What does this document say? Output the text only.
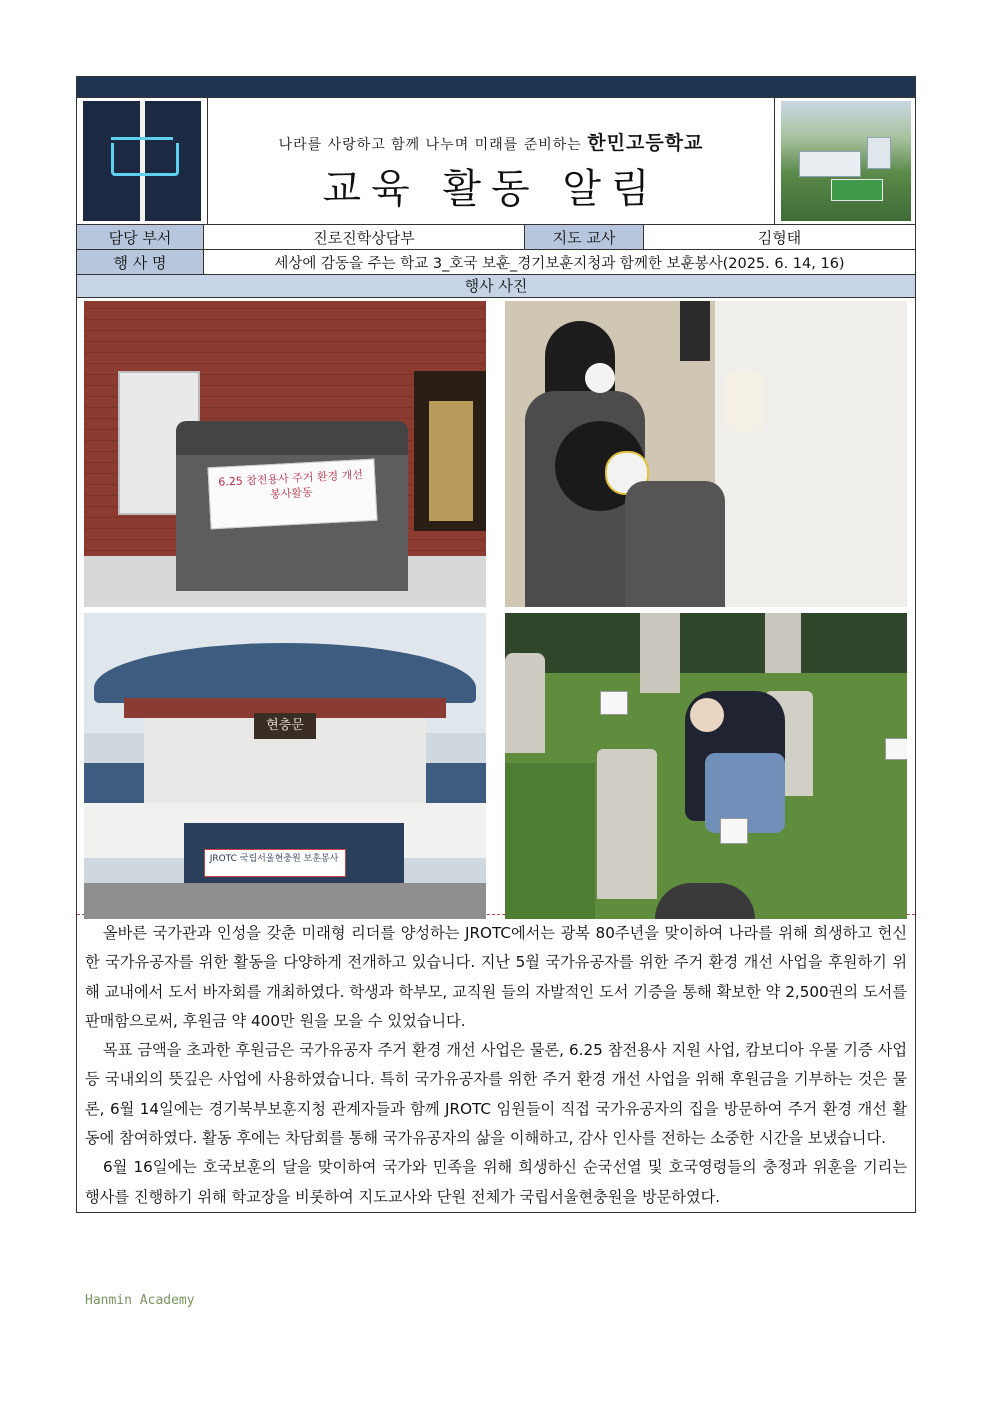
나라를 사랑하고 함께 나누며 미래를 준비하는 한민고등학교
교육 활동 알림
담당 부서	진로진학상담부	지도 교사	김형태
행 사 명	세상에 감동을 주는 학교 3_호국 보훈_경기보훈지청과 함께한 보훈봉사(2025. 6. 14, 16)
행사 사진
6.25 참전용사 주거 환경 개선 봉사활동
현충문
JROTC 국립서울현충원 보훈봉사

올바른 국가관과 인성을 갖춘 미래형 리더를 양성하는 JROTC에서는 광복 80주년을 맞이하여 나라를 위해 희생하고 헌신한 국가유공자를 위한 활동을 다양하게 전개하고 있습니다. 지난 5월 국가유공자를 위한 주거 환경 개선 사업을 후원하기 위해 교내에서 도서 바자회를 개최하였다. 학생과 학부모, 교직원 들의 자발적인 도서 기증을 통해 확보한 약 2,500권의 도서를 판매함으로써, 후원금 약 400만 원을 모을 수 있었습니다.

목표 금액을 초과한 후원금은 국가유공자 주거 환경 개선 사업은 물론, 6.25 참전용사 지원 사업, 캄보디아 우물 기증 사업 등 국내외의 뜻깊은 사업에 사용하였습니다. 특히 국가유공자를 위한 주거 환경 개선 사업을 위해 후원금을 기부하는 것은 물론, 6월 14일에는 경기북부보훈지청 관계자들과 함께 JROTC 임원들이 직접 국가유공자의 집을 방문하여 주거 환경 개선 활동에 참여하였다. 활동 후에는 차담회를 통해 국가유공자의 삶을 이해하고, 감사 인사를 전하는 소중한 시간을 보냈습니다.

6월 16일에는 호국보훈의 달을 맞이하여 국가와 민족을 위해 희생하신 순국선열 및 호국영령들의 충정과 위훈을 기리는 행사를 진행하기 위해 학교장을 비롯하여 지도교사와 단원 전체가 국립서울현충원을 방문하였다.

Hanmin Academy
